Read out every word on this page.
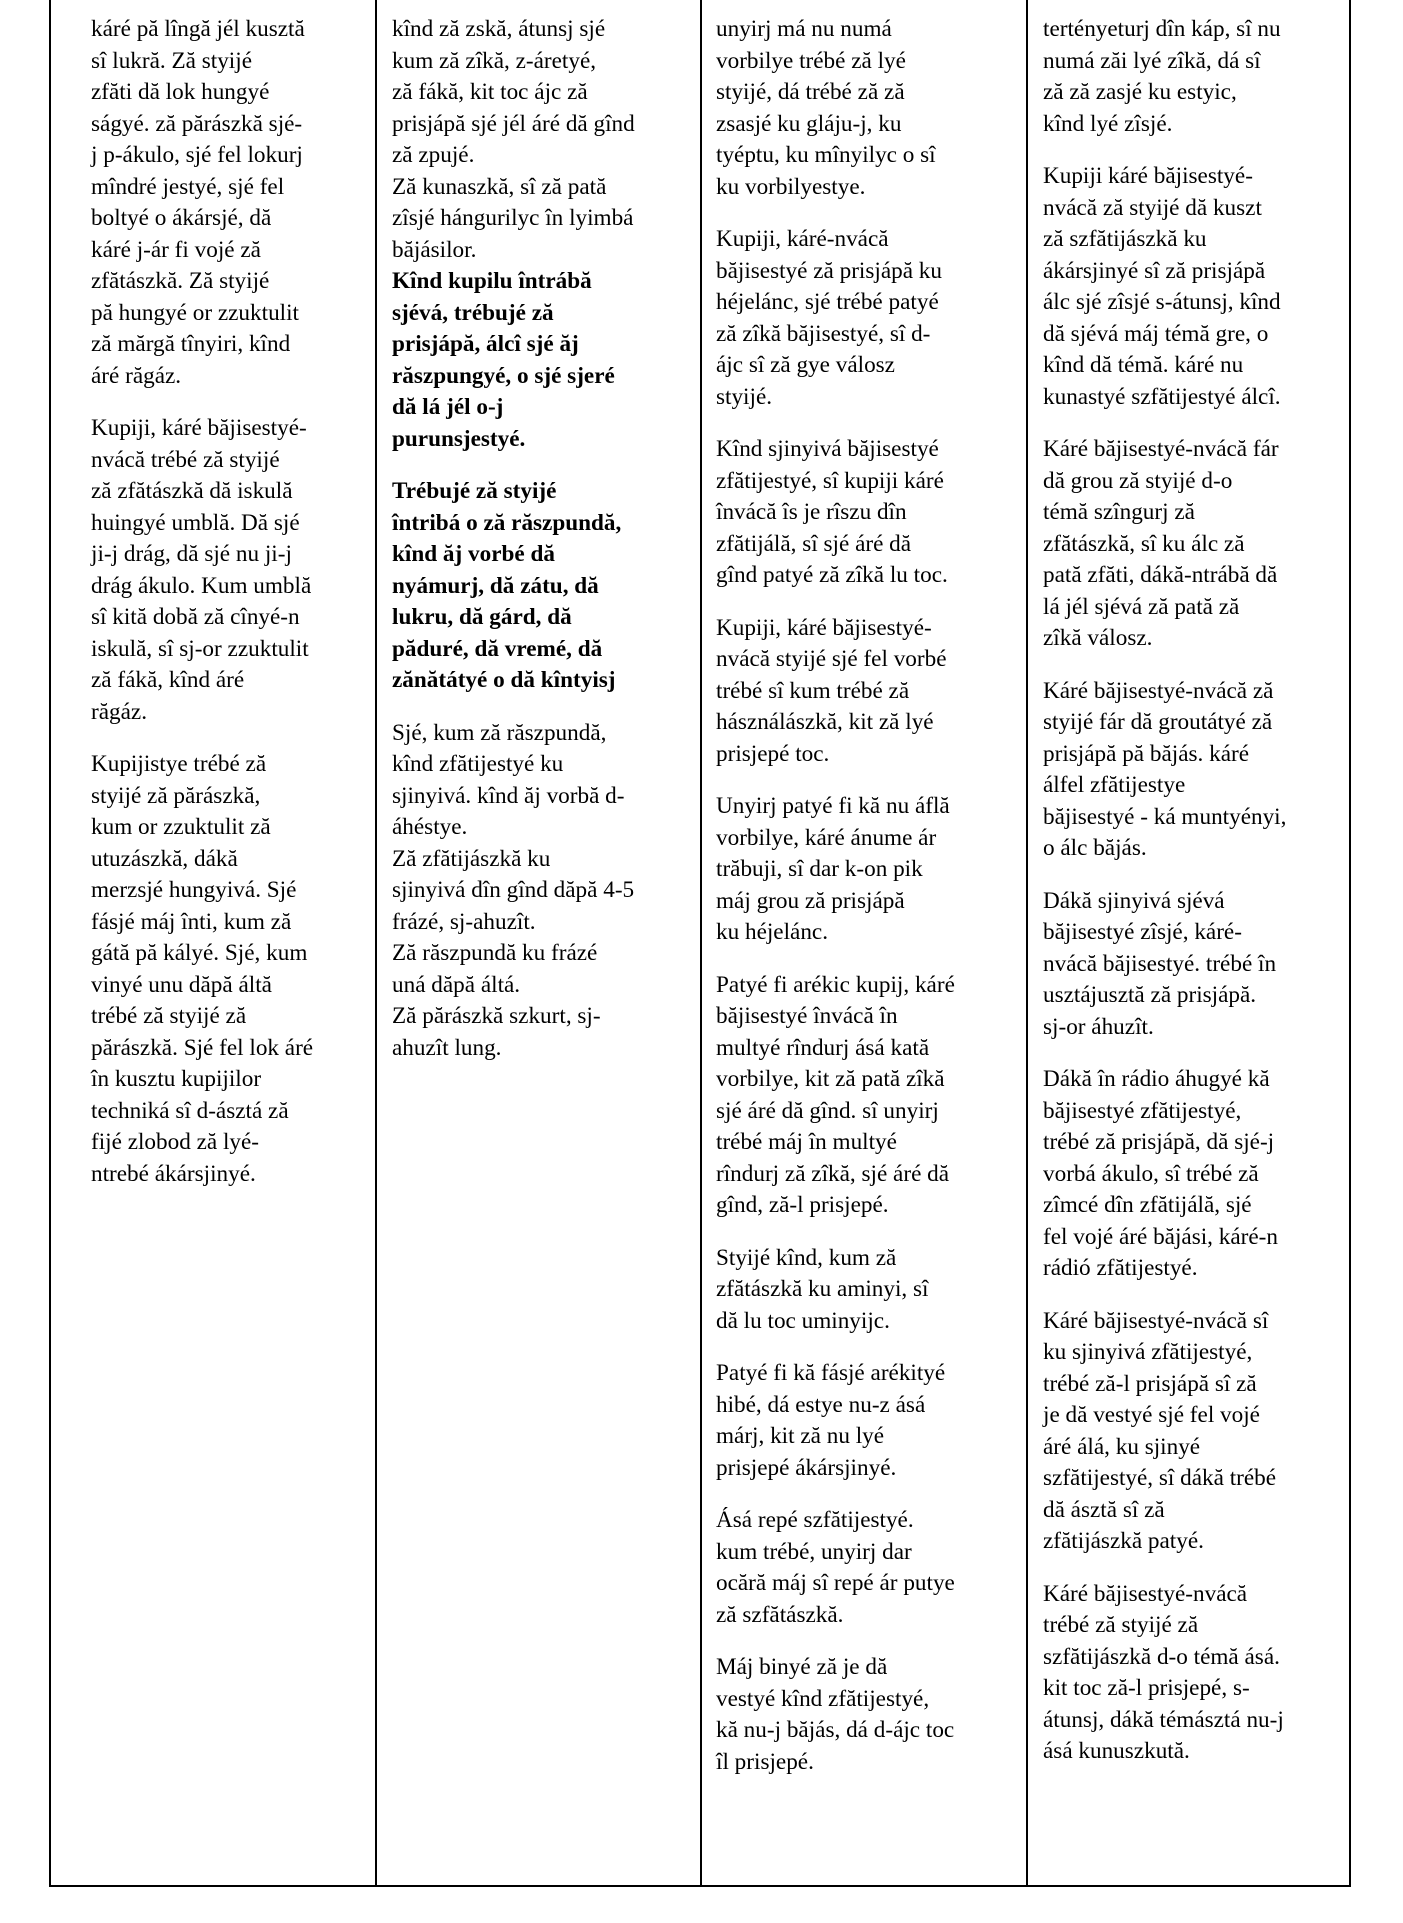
káré pă lîngă jél kusztă
sî lukră. Ză styijé
zfăti dă lok hungyé
ságyé. ză părászkă sjé-
j p-ákulo, sjé fel lokurj
mîndré jestyé, sjé fel
boltyé o ákársjé, dă
káré j-ár fi vojé ză
zfătászkă. Ză styijé
pă hungyé or zzuktulit
ză mărgă tînyiri, kînd
áré răgáz.

Kupiji, káré băjisestyé-
nvácă trébé ză styijé
ză zfătászkă dă iskulă
huingyé umblă. Dă sjé
ji-j drág, dă sjé nu ji-j
drág ákulo. Kum umblă
sî kită dobă ză cînyé-n
iskulă, sî sj-or zzuktulit
ză fákă, kînd áré
răgáz.

Kupijistye trébé ză
styijé ză părászkă,
kum or zzuktulit ză
utuzászkă, dákă
merzsjé hungyivá. Sjé
fásjé máj înti, kum ză
gátă pă kályé. Sjé, kum
vinyé unu dăpă áltă
trébé ză styijé ză
părászkă. Sjé fel lok áré
în kusztu kupijilor
techniká sî d-ásztá ză
fijé zlobod ză lyé-
ntrebé ákársjinyé.

kînd ză zskă, átunsj sjé
kum ză zîkă, z-áretyé,
ză fákă, kit toc ájc ză
prisjápă sjé jél áré dă gînd
ză zpujé.
Ză kunaszkă, sî ză pată
zîsjé hángurilyc în lyimbá
băjásilor.

Kînd kupilu întrábă
sjévá, trébujé ză
prisjápă, álcî sjé ăj
răszpungyé, o sjé sjeré
dă lá jél o-j
purunsjestyé.

Trébujé ză styijé
întribá o ză răszpundă,
kînd ăj vorbé dă
nyámurj, dă zátu, dă
lukru, dă gárd, dă
păduré, dă vremé, dă
zănătátyé o dă kîntyisj

Sjé, kum ză răszpundă,
kînd zfătijestyé ku
sjinyivá. kînd ăj vorbă d-
áhéstye.
Ză zfătijászkă ku
sjinyivá dîn gînd dăpă 4-5
frázé, sj-ahuzît.
Ză răszpundă ku frázé
uná dăpă áltá.
Ză părászkă szkurt, sj-
ahuzît lung.

unyirj má nu numá
vorbilye trébé ză lyé
styijé, dá trébé ză ză
zsasjé ku gláju-j, ku
tyéptu, ku mînyilyc o sî
ku vorbilyestye.

Kupiji, káré-nvácă
băjisestyé ză prisjápă ku
héjelánc, sjé trébé patyé
ză zîkă băjisestyé, sî d-
ájc sî ză gye válosz
styijé.

Kînd sjinyivá băjisestyé
zfătijestyé, sî kupiji káré
învácă îs je rîszu dîn
zfătijálă, sî sjé áré dă
gînd patyé ză zîkă lu toc.

Kupiji, káré băjisestyé-
nvácă styijé sjé fel vorbé
trébé sî kum trébé ză
hásználászkă, kit ză lyé
prisjepé toc.

Unyirj patyé fi kă nu áflă
vorbilye, káré ánume ár
trăbuji, sî dar k-on pik
máj grou ză prisjápă
ku héjelánc.

Patyé fi arékic kupij, káré
băjisestyé învácă în
multyé rîndurj ásá kată
vorbilye, kit ză pată zîkă
sjé áré dă gînd. sî unyirj
trébé máj în multyé
rîndurj ză zîkă, sjé áré dă
gînd, ză-l prisjepé.

Styijé kînd, kum ză
zfătászkă ku aminyi, sî
dă lu toc uminyijc.

Patyé fi kă fásjé arékityé
hibé, dá estye nu-z ásá
márj, kit ză nu lyé
prisjepé ákársjinyé.

Ásá repé szfătijestyé.
kum trébé, unyirj dar
ocără máj sî repé ár putye
ză szfătászkă.

Máj binyé ză je dă
vestyé kînd zfătijestyé,
kă nu-j băjás, dá d-ájc toc
îl prisjepé.

tertényeturj dîn káp, sî nu
numá zăi lyé zîkă, dá sî
ză ză zasjé ku estyic,
kînd lyé zîsjé.

Kupiji káré băjisestyé-
nvácă ză styijé dă kuszt
ză szfătijászkă ku
ákársjinyé sî ză prisjápă
álc sjé zîsjé s-átunsj, kînd
dă sjévá máj témă gre, o
kînd dă témă. káré nu
kunastyé szfătijestyé álcî.

Káré băjisestyé-nvácă fár
dă grou ză styijé d-o
témă szîngurj ză
zfătászkă, sî ku álc ză
pată zfăti, dákă-ntrábă dă
lá jél sjévá ză pată ză
zîkă válosz.

Káré băjisestyé-nvácă ză
styijé fár dă groutátyé ză
prisjápă pă băjás. káré
álfel zfătijestye
băjisestyé - ká muntyényi,
o álc băjás.

Dákă sjinyivá sjévá
băjisestyé zîsjé, káré-
nvácă băjisestyé. trébé în
usztájusztă ză prisjápă.
sj-or áhuzît.

Dákă în rádio áhugyé kă
băjisestyé zfătijestyé,
trébé ză prisjápă, dă sjé-j
vorbá ákulo, sî trébé ză
zîmcé dîn zfătijálă, sjé
fel vojé áré băjási, káré-n
rádió zfătijestyé.

Káré băjisestyé-nvácă sî
ku sjinyivá zfătijestyé,
trébé ză-l prisjápă sî ză
je dă vestyé sjé fel vojé
áré álá, ku sjinyé
szfătijestyé, sî dákă trébé
dă ásztă sî ză
zfătijászkă patyé.

Káré băjisestyé-nvácă
trébé ză styijé ză
szfătijászkă d-o témă ásá.
kit toc ză-l prisjepé, s-
átunsj, dákă témásztá nu-j
ásá kunuszkută.
